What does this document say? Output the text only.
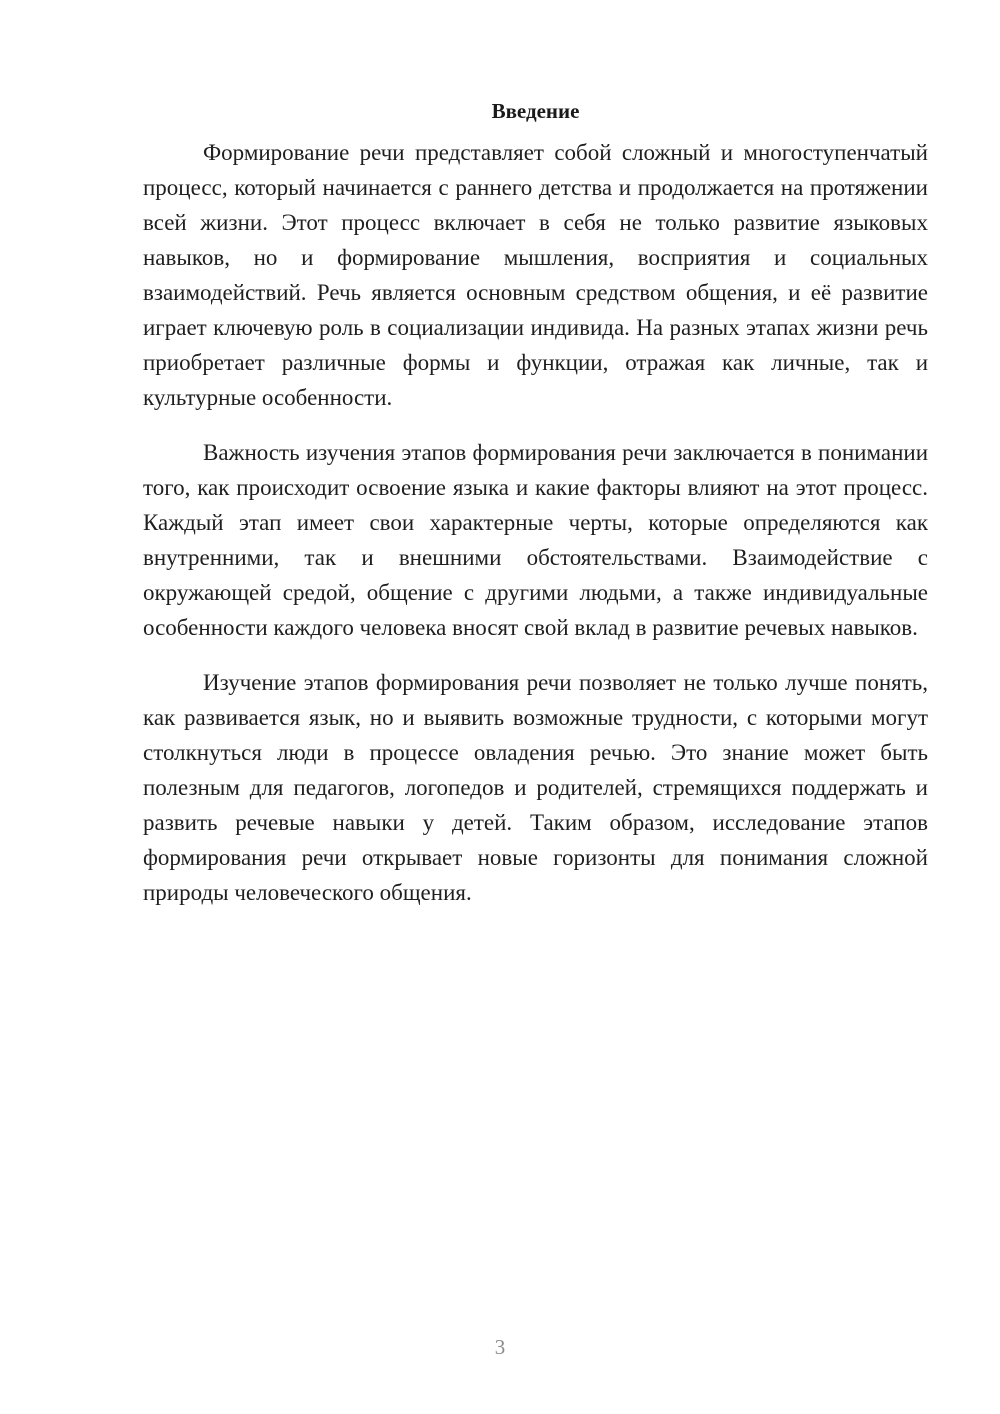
Введение

Формирование речи представляет собой сложный и многоступенчатый процесс, который начинается с раннего детства и продолжается на протяжении всей жизни. Этот процесс включает в себя не только развитие языковых навыков, но и формирование мышления, восприятия и социальных взаимодействий. Речь является основным средством общения, и её развитие играет ключевую роль в социализации индивида. На разных этапах жизни речь приобретает различные формы и функции, отражая как личные, так и культурные особенности.

Важность изучения этапов формирования речи заключается в понимании того, как происходит освоение языка и какие факторы влияют на этот процесс. Каждый этап имеет свои характерные черты, которые определяются как внутренними, так и внешними обстоятельствами. Взаимодействие с окружающей средой, общение с другими людьми, а также индивидуальные особенности каждого человека вносят свой вклад в развитие речевых навыков.

Изучение этапов формирования речи позволяет не только лучше понять, как развивается язык, но и выявить возможные трудности, с которыми могут столкнуться люди в процессе овладения речью. Это знание может быть полезным для педагогов, логопедов и родителей, стремящихся поддержать и развить речевые навыки у детей. Таким образом, исследование этапов формирования речи открывает новые горизонты для понимания сложной природы человеческого общения.

3
